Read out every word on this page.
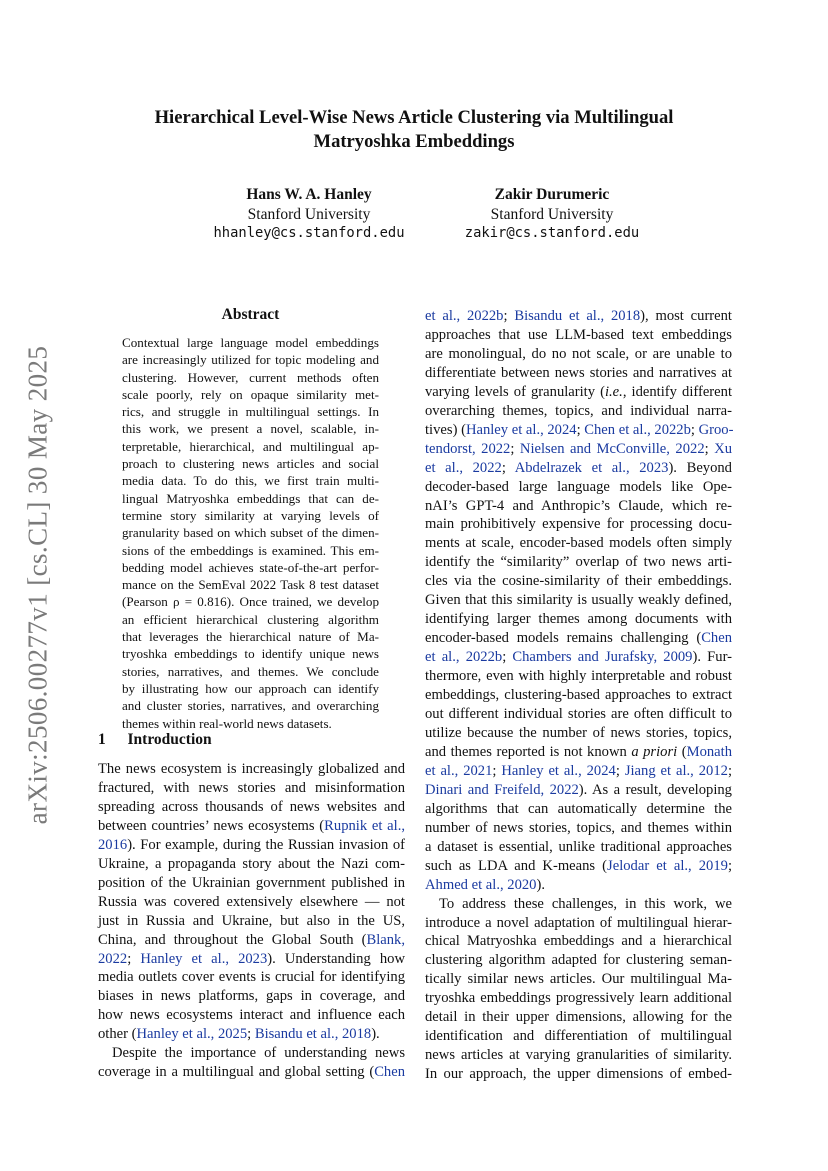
arXiv:2506.00277v1 [cs.CL] 30 May 2025
Hierarchical Level-Wise News Article Clustering via Multilingual
Matryoshka Embeddings
Hans W. A. Hanley
Stanford University
hhanley@cs.stanford.edu
Zakir Durumeric
Stanford University
zakir@cs.stanford.edu
Abstract
Contextual large language model embeddings
are increasingly utilized for topic modeling and
clustering. However, current methods often
scale poorly, rely on opaque similarity met-
rics, and struggle in multilingual settings. In
this work, we present a novel, scalable, in-
terpretable, hierarchical, and multilingual ap-
proach to clustering news articles and social
media data. To do this, we first train multi-
lingual Matryoshka embeddings that can de-
termine story similarity at varying levels of
granularity based on which subset of the dimen-
sions of the embeddings is examined. This em-
bedding model achieves state-of-the-art perfor-
mance on the SemEval 2022 Task 8 test dataset
(Pearson ρ = 0.816). Once trained, we develop
an efficient hierarchical clustering algorithm
that leverages the hierarchical nature of Ma-
tryoshka embeddings to identify unique news
stories, narratives, and themes. We conclude
by illustrating how our approach can identify
and cluster stories, narratives, and overarching
themes within real-world news datasets.
1 Introduction
The news ecosystem is increasingly globalized and
fractured, with news stories and misinformation
spreading across thousands of news websites and
between countries’ news ecosystems (Rupnik et al.,
2016). For example, during the Russian invasion of
Ukraine, a propaganda story about the Nazi com-
position of the Ukrainian government published in
Russia was covered extensively elsewhere — not
just in Russia and Ukraine, but also in the US,
China, and throughout the Global South (Blank,
2022; Hanley et al., 2023). Understanding how
media outlets cover events is crucial for identifying
biases in news platforms, gaps in coverage, and
how news ecosystems interact and influence each
other (Hanley et al., 2025; Bisandu et al., 2018).
Despite the importance of understanding news
coverage in a multilingual and global setting (Chen
et al., 2022b; Bisandu et al., 2018), most current
approaches that use LLM-based text embeddings
are monolingual, do no not scale, or are unable to
differentiate between news stories and narratives at
varying levels of granularity (i.e., identify different
overarching themes, topics, and individual narra-
tives) (Hanley et al., 2024; Chen et al., 2022b; Groo-
tendorst, 2022; Nielsen and McConville, 2022; Xu
et al., 2022; Abdelrazek et al., 2023). Beyond
decoder-based large language models like Ope-
nAI’s GPT-4 and Anthropic’s Claude, which re-
main prohibitively expensive for processing docu-
ments at scale, encoder-based models often simply
identify the “similarity” overlap of two news arti-
cles via the cosine-similarity of their embeddings.
Given that this similarity is usually weakly defined,
identifying larger themes among documents with
encoder-based models remains challenging (Chen
et al., 2022b; Chambers and Jurafsky, 2009). Fur-
thermore, even with highly interpretable and robust
embeddings, clustering-based approaches to extract
out different individual stories are often difficult to
utilize because the number of news stories, topics,
and themes reported is not known a priori (Monath
et al., 2021; Hanley et al., 2024; Jiang et al., 2012;
Dinari and Freifeld, 2022). As a result, developing
algorithms that can automatically determine the
number of news stories, topics, and themes within
a dataset is essential, unlike traditional approaches
such as LDA and K-means (Jelodar et al., 2019;
Ahmed et al., 2020).
To address these challenges, in this work, we
introduce a novel adaptation of multilingual hierar-
chical Matryoshka embeddings and a hierarchical
clustering algorithm adapted for clustering seman-
tically similar news articles. Our multilingual Ma-
tryoshka embeddings progressively learn additional
detail in their upper dimensions, allowing for the
identification and differentiation of multilingual
news articles at varying granularities of similarity.
In our approach, the upper dimensions of embed-
